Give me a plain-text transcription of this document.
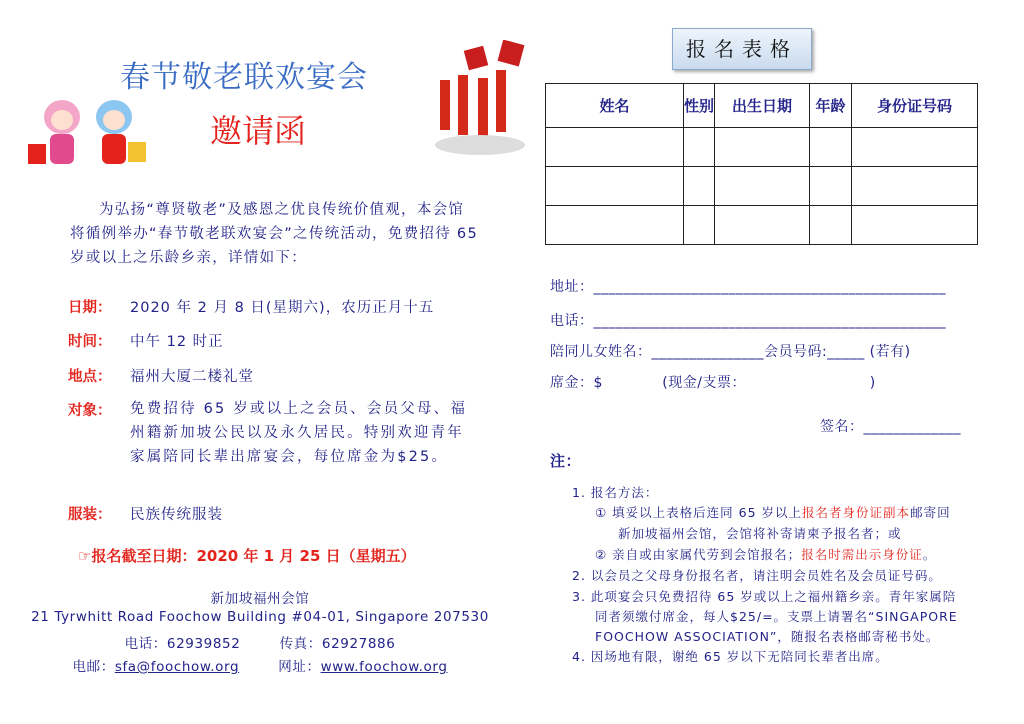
春节敬老联欢宴会
邀请函
为弘扬“尊贤敬老”及感恩之优良传统价值观，本会馆将循例举办“春节敬老联欢宴会”之传统活动，免费招待 65 岁或以上之乐龄乡亲，详情如下：
日期： 2020 年 2 月 8 日(星期六)，农历正月十五
时间： 中午 12 时正
地点： 福州大厦二楼礼堂
对象： 免费招待 65 岁或以上之会员、会员父母、福州籍新加坡公民以及永久居民。特别欢迎青年家属陪同长辈出席宴会，每位席金为$25。
服装： 民族传统服装
☞报名截至日期：2020 年 1 月 25 日（星期五）
新加坡福州会馆
21 Tyrwhitt Road Foochow Building #04-01, Singapore 207530
电话：62939852	传真：62927886
电邮：sfa@foochow.org	网址：www.foochow.org
报名表格
姓名	性别	出生日期	年龄	身份证号码

地址：_______________________________________________
电话：_______________________________________________
陪同儿女姓名：_______________会员号码:_____ (若有)
席金：$            (现金/支票：                         )
签名：_____________
注：
1. 报名方法：
① 填妥以上表格后连同 65 岁以上报名者身份证副本邮寄回
新加坡福州会馆，会馆将补寄请柬予报名者；或
② 亲自或由家属代劳到会馆报名；报名时需出示身份证。
2. 以会员之父母身份报名者，请注明会员姓名及会员证号码。
3. 此项宴会只免费招待 65 岁或以上之福州籍乡亲。青年家属陪
同者须缴付席金，每人$25/=。支票上请署名“SINGAPORE
FOOCHOW ASSOCIATION”，随报名表格邮寄秘书处。
4. 因场地有限，谢绝 65 岁以下无陪同长辈者出席。
